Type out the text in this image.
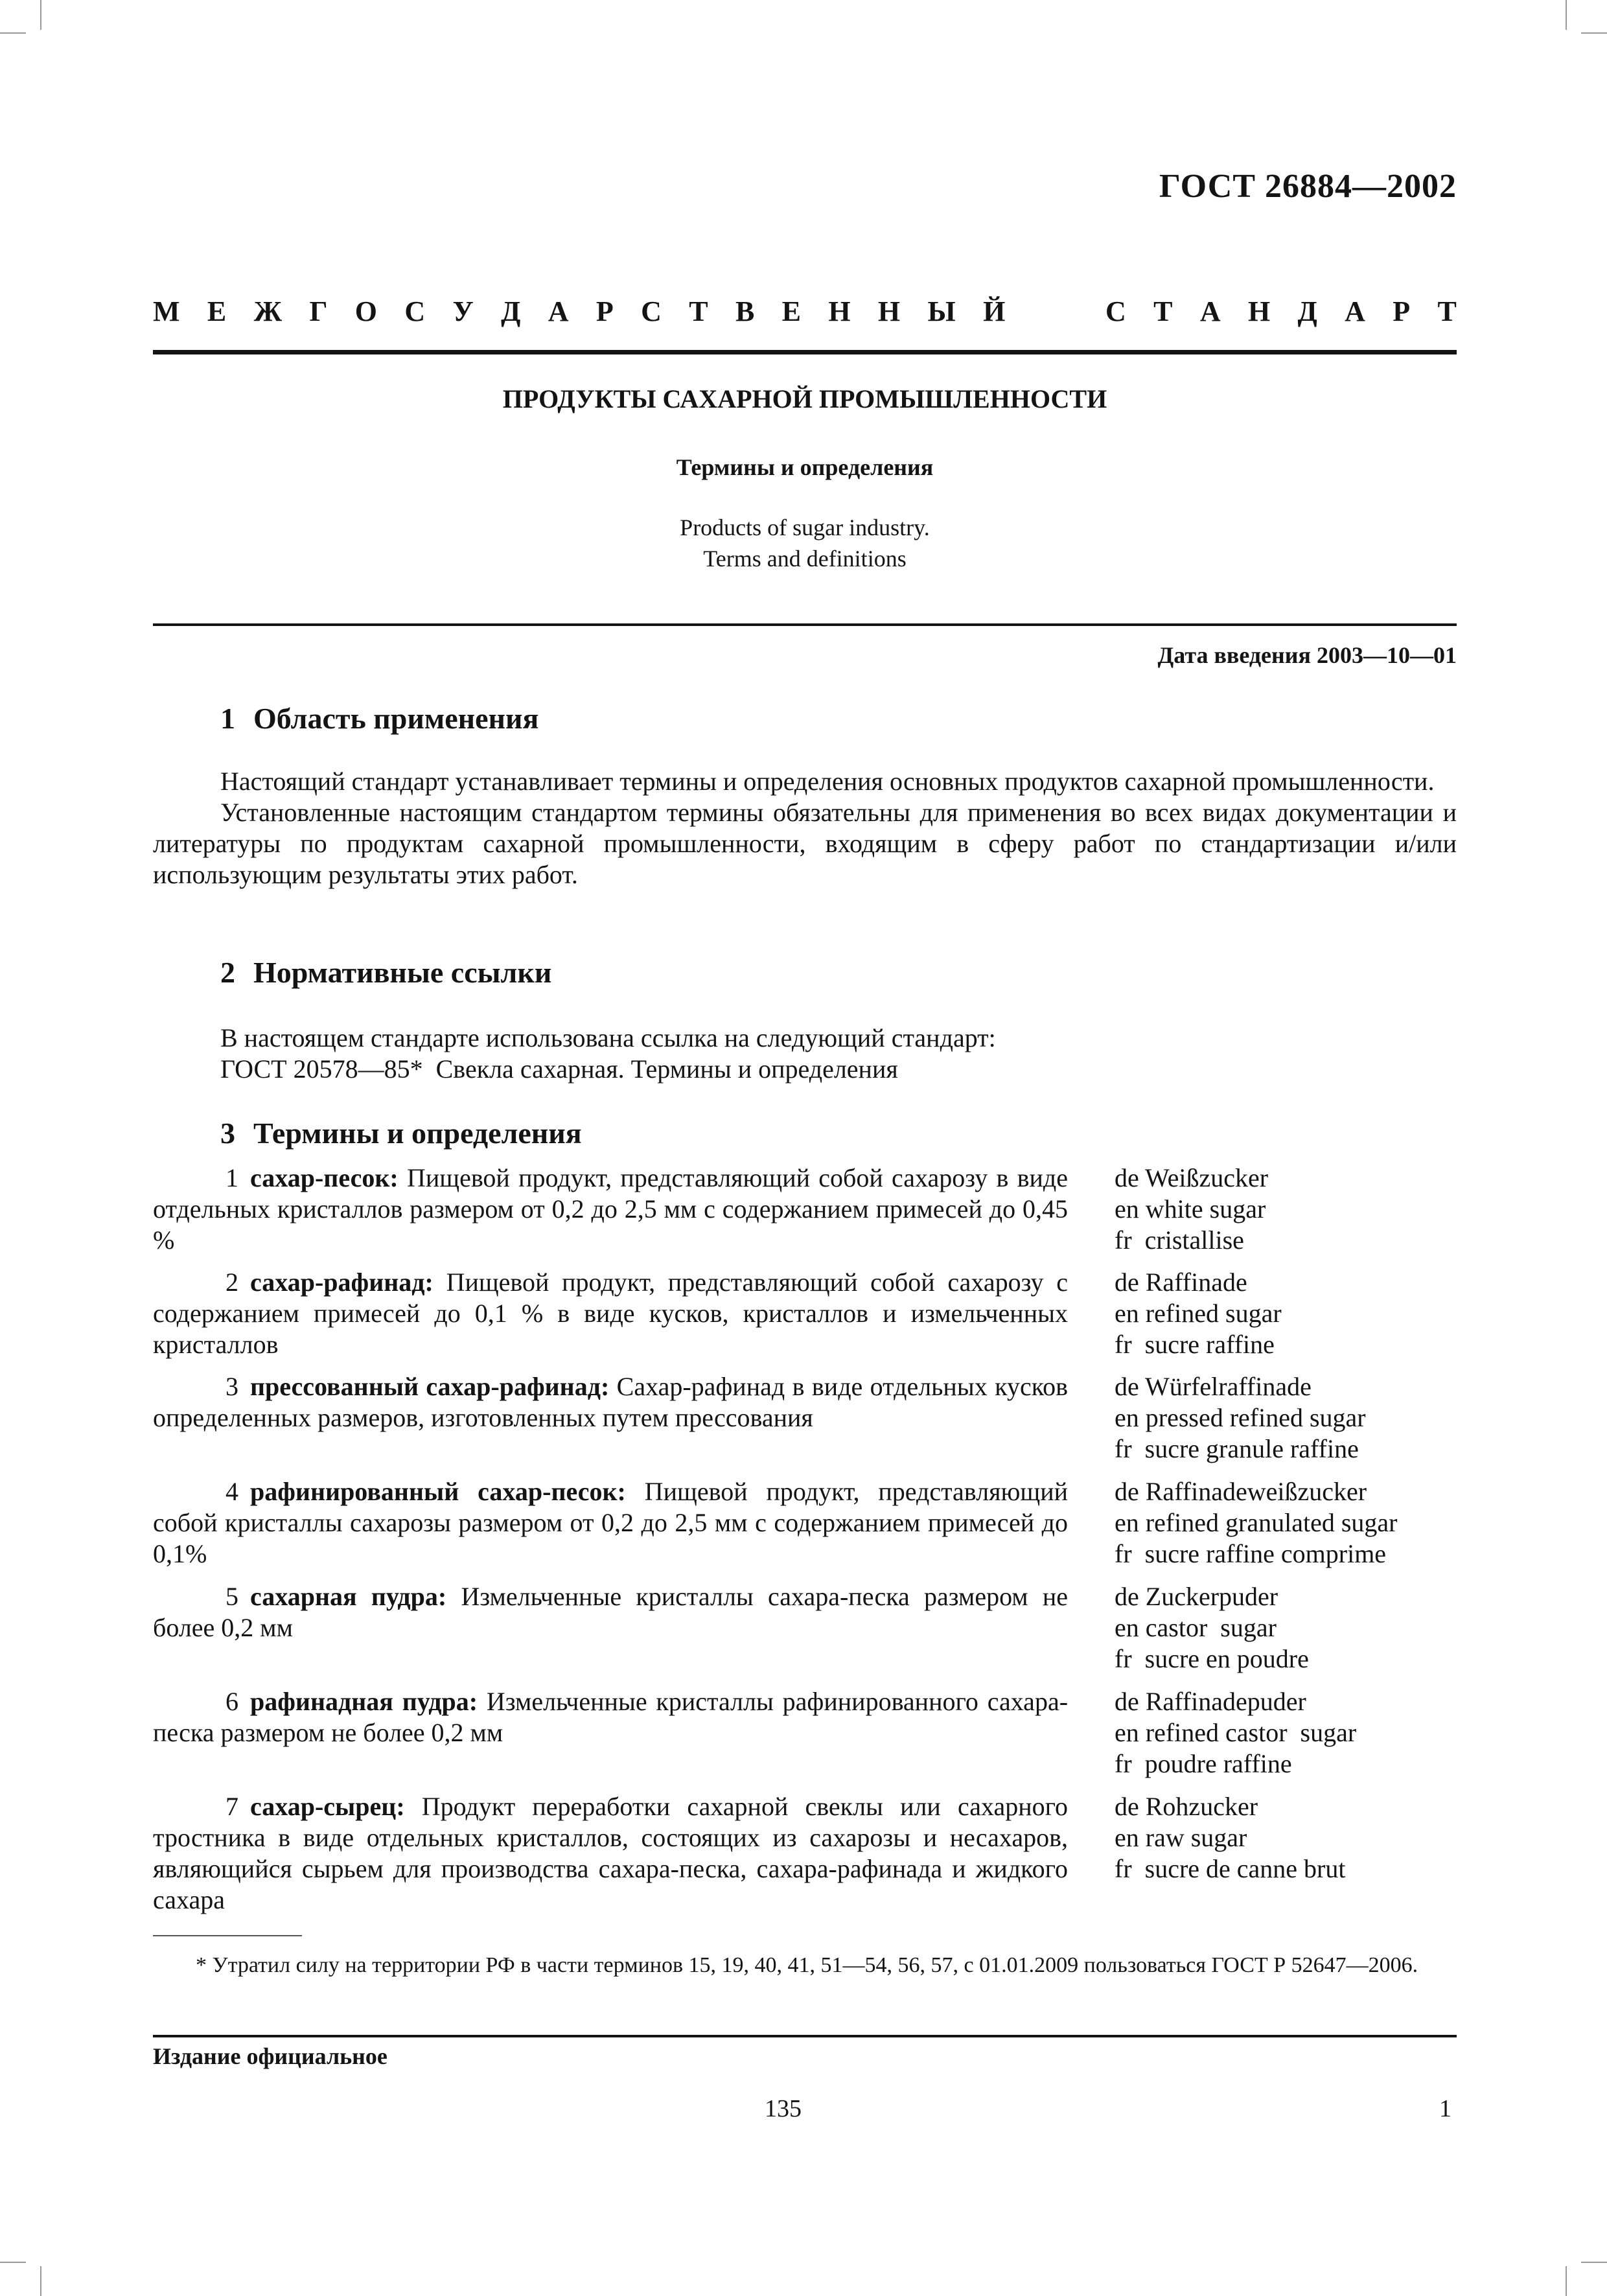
ГОСТ 26884—2002
М Е Ж Г О С У Д А Р С Т В Е Н Н Ы Й	С Т А Н Д А Р Т
ПРОДУКТЫ САХАРНОЙ ПРОМЫШЛЕННОСТИ
Термины и определения
Products of sugar industry.
Terms and definitions
Дата введения 2003—10—01
1 Область применения

Настоящий стандарт устанавливает термины и определения основных продуктов сахарной промышленности.

Установленные настоящим стандартом термины обязательны для применения во всех видах документации и литературы по продуктам сахарной промышленности, входящим в сферу работ по стандартизации и/или использующим результаты этих работ.

2 Нормативные ссылки
В настоящем стандарте использована ссылка на следующий стандарт:
ГОСТ 20578—85*  Свекла сахарная. Термины и определения
3 Термины и определения
1 сахар-песок: Пищевой продукт, представляющий собой сахарозу в виде отдельных кристаллов размером от 0,2 до 2,5 мм с содержанием примесей до 0,45 %
de Weißzucker
en white sugar
fr  cristallise
2 сахар-рафинад: Пищевой продукт, представляющий собой сахарозу с содержанием примесей до 0,1 % в виде кусков, кристаллов и измельченных кристаллов
de Raffinade
en refined sugar
fr  sucre raffine
3 прессованный сахар-рафинад: Сахар-рафинад в виде отдельных кусков определенных размеров, изготовленных путем прессования
de Würfelraffinade
en pressed refined sugar
fr  sucre granule raffine
4 рафинированный сахар-песок: Пищевой продукт, представляющий собой кристаллы сахарозы размером от 0,2 до 2,5 мм с содержанием примесей до 0,1%
de Raffinadeweißzucker
en refined granulated sugar
fr  sucre raffine comprime
5 сахарная пудра: Измельченные кристаллы сахара-песка размером не более 0,2 мм
de Zuckerpuder
en castor  sugar
fr  sucre en poudre
6 рафинадная пудра: Измельченные кристаллы рафинированного сахара-песка размером не более 0,2 мм
de Raffinadepuder
en refined castor  sugar
fr  poudre raffine
7 сахар-сырец: Продукт переработки сахарной свеклы или сахарного тростника в виде отдельных кристаллов, состоящих из сахарозы и несахаров, являющийся сырьем для производства сахара-песка, сахара-рафинада и жидкого сахара
de Rohzucker
en raw sugar
fr  sucre de canne brut
* Утратил силу на территории РФ в части терминов 15, 19, 40, 41, 51—54, 56, 57, с 01.01.2009 пользоваться ГОСТ Р 52647—2006.
Издание официальное
135	1
